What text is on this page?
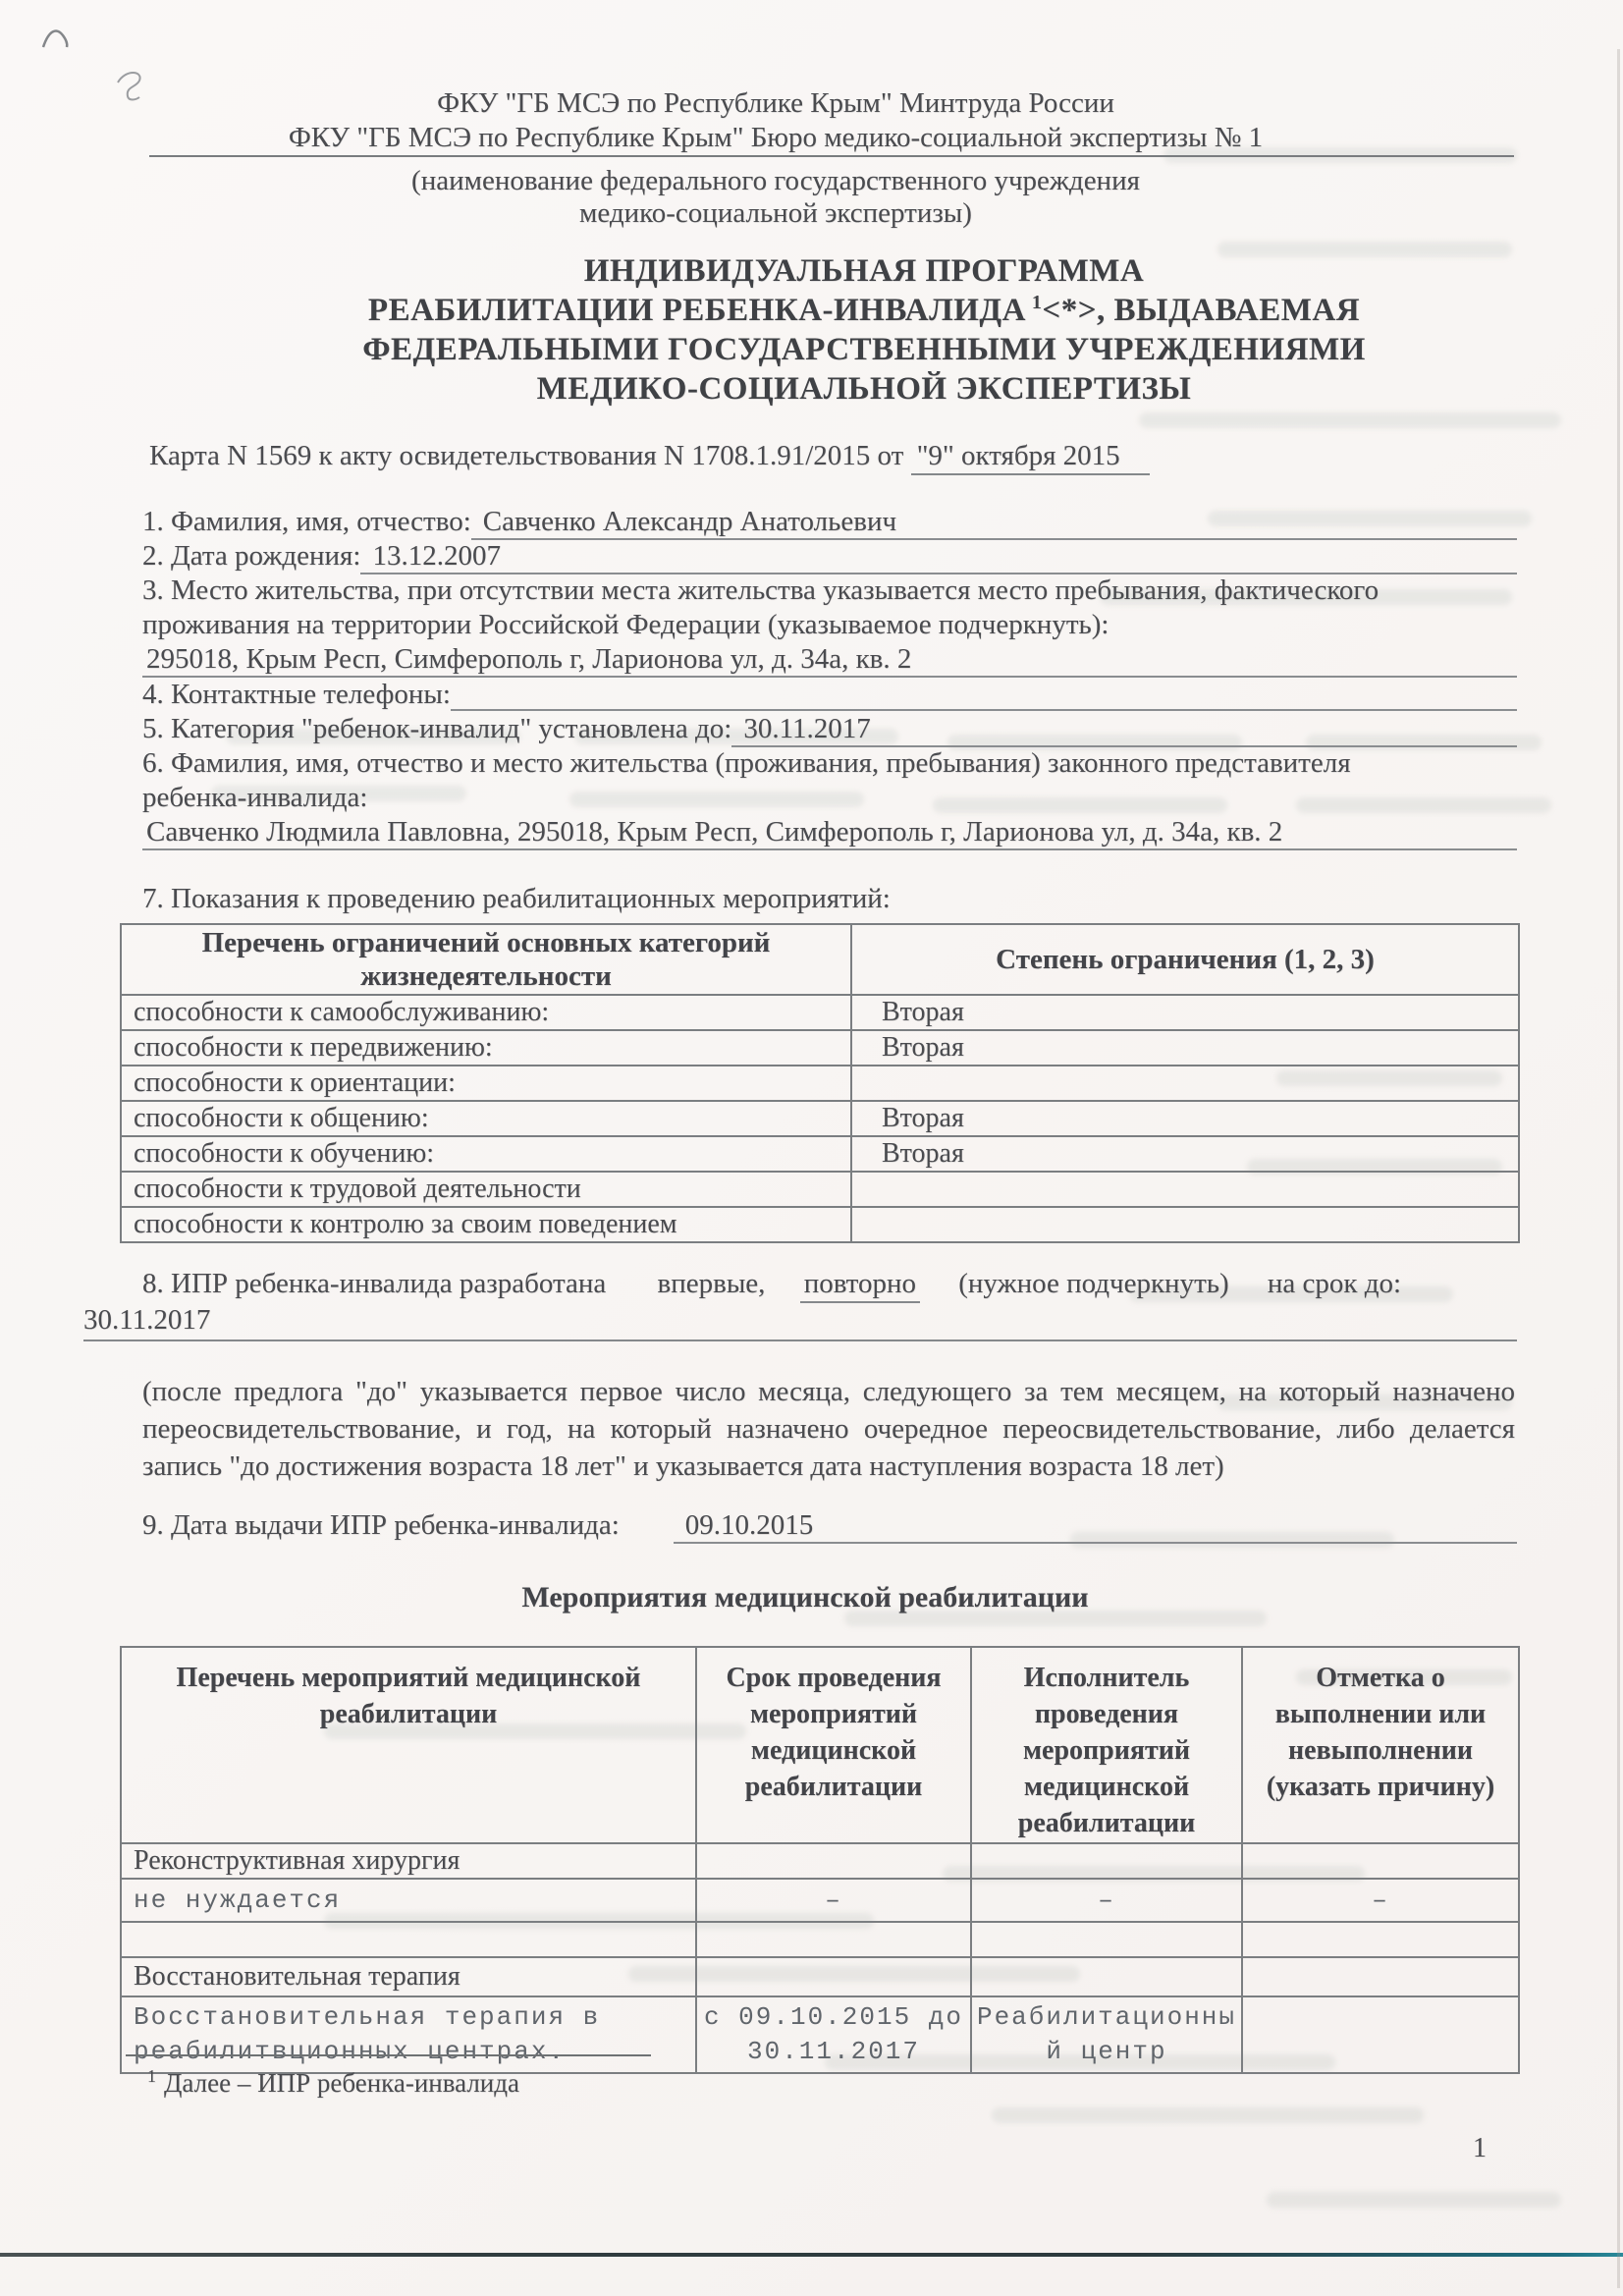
ФКУ "ГБ МСЭ по Республике Крым" Минтруда России
ФКУ "ГБ МСЭ по Республике Крым" Бюро медико-социальной экспертизы № 1
(наименование федерального государственного учреждения
медико-социальной экспертизы)
ИНДИВИДУАЛЬНАЯ ПРОГРАММА
РЕАБИЛИТАЦИИ РЕБЕНКА-ИНВАЛИДА $^1$<*>, ВЫДАВАЕМАЯ
ФЕДЕРАЛЬНЫМИ ГОСУДАРСТВЕННЫМИ УЧРЕЖДЕНИЯМИ
МЕДИКО-СОЦИАЛЬНОЙ ЭКСПЕРТИЗЫ
Карта N 1569 к акту освидетельствования N 1708.1.91/2015 от "9" октября 2015
1. Фамилия, имя, отчество: Савченко Александр Анатольевич
2. Дата рождения: 13.12.2007
3. Место жительства, при отсутствии места жительства указывается место пребывания, фактического
проживания на территории Российской Федерации (указываемое подчеркнуть):
295018, Крым Респ, Симферополь г, Ларионова ул, д. 34а, кв. 2
4. Контактные телефоны:
5. Категория "ребенок-инвалид" установлена до: 30.11.2017
6. Фамилия, имя, отчество и место жительства (проживания, пребывания) законного представителя
ребенка-инвалида:
Савченко Людмила Павловна, 295018, Крым Респ, Симферополь г, Ларионова ул, д. 34а, кв. 2
7. Показания к проведению реабилитационных мероприятий:
Перечень ограничений основных категорий жизнедеятельности	Степень ограничения (1, 2, 3)
способности к самообслуживанию:	Вторая
способности к передвижению:	Вторая
способности к ориентации:	
способности к общению:	Вторая
способности к обучению:	Вторая
способности к трудовой деятельности	
способности к контролю за своим поведением	
8. ИПР ребенка-инвалида разработана впервые, повторно (нужное подчеркнуть) на срок до:
30.11.2017
(после предлога "до" указывается первое число месяца, следующего за тем месяцем, на который назначено переосвидетельствование, и год, на который назначено очередное переосвидетельствование, либо делается запись "до достижения возраста 18 лет" и указывается дата наступления возраста 18 лет)
9. Дата выдачи ИПР ребенка-инвалида:	09.10.2015
Мероприятия медицинской реабилитации
Перечень мероприятий медицинской реабилитации	Срок проведения мероприятий медицинской реабилитации	Исполнитель проведения мероприятий медицинской реабилитации	Отметка о выполнении или невыполнении (указать причину)
Реконструктивная хирургия			
не нуждается	–	–	–

Восстановительная терапия			
Восстановительная терапия в реабилитвционных центрах.	с 09.10.2015 до 30.11.2017	Реабилитационны й центр	
$^1$ Далее – ИПР ребенка-инвалида
1
